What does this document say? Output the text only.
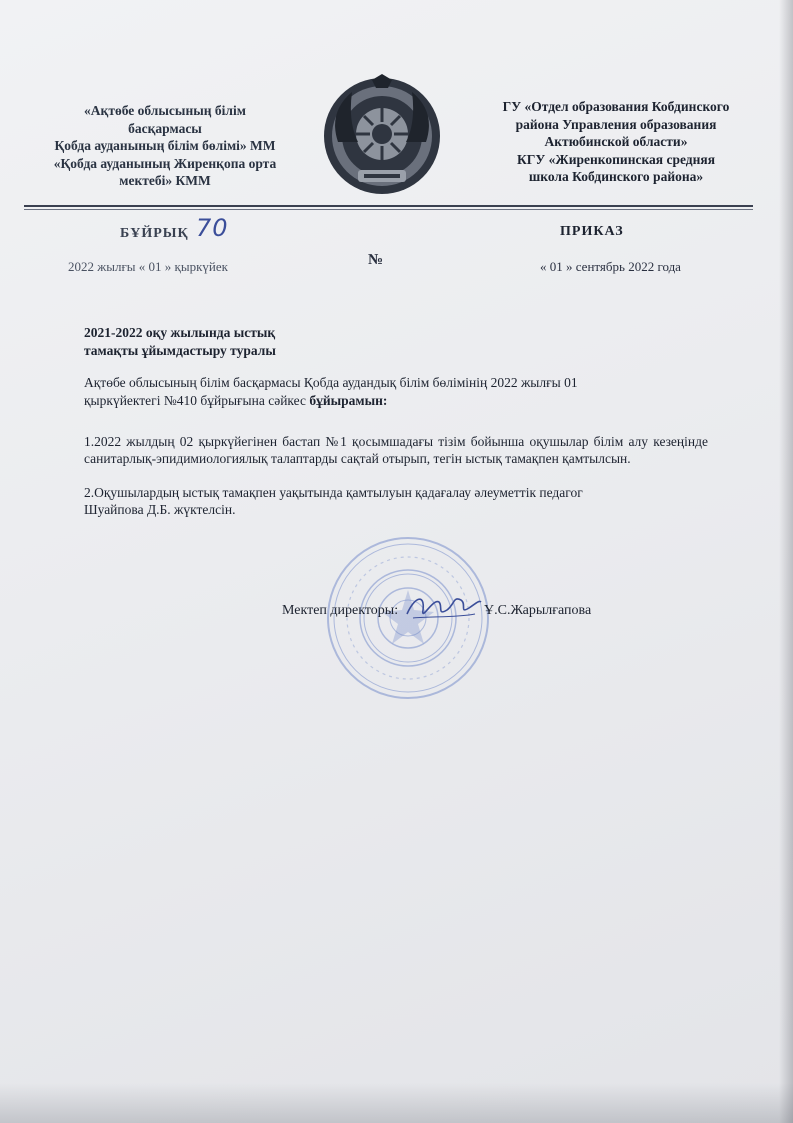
«Ақтөбе облысының білім
басқармасы
Қобда ауданының білім бөлімі» ММ
«Қобда ауданының Жиренқопа орта
мектебі» КММ
ГУ «Отдел образования Кобдинского
района Управления образования
Актюбинской области»
КГУ «Жиренкопинская средняя
школа Кобдинского района»
БҰЙРЫҚ 70	ПРИКАЗ
2022 жылғы « 01 » қыркүйек	№	« 01 » сентябрь 2022 года
2021-2022 оқу жылында ыстық
тамақты ұйымдастыру туралы
Ақтөбе облысының білім басқармасы Қобда аудандық білім бөлімінің 2022 жылғы 01
қыркүйектегі №410 бұйрығына сәйкес бұйырамын:
1.2022 жылдың 02 қыркүйегінен бастап №1 қосымшадағы тізім бойынша оқушылар білім алу кезеңінде санитарлық-эпидимиологиялық талаптарды сақтай отырып, тегін ыстық тамақпен қамтылсын.
2.Оқушылардың ыстық тамақпен уақытында қамтылуын қадағалау әлеуметтік педагог
Шуайпова Д.Б. жүктелсін.
Мектеп директоры:	Ұ.С.Жарылғапова
